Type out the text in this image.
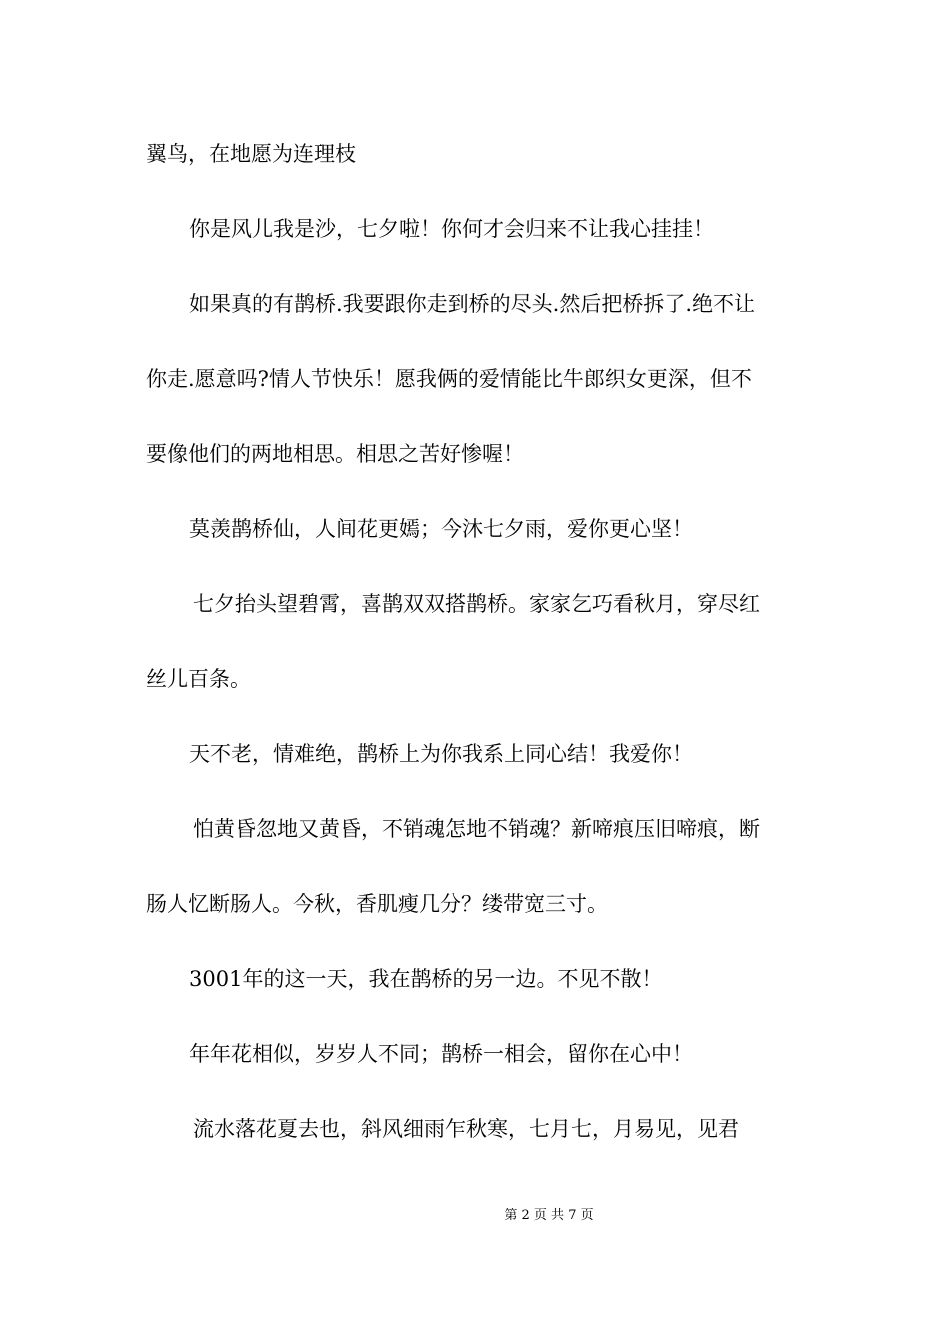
翼鸟，在地愿为连理枝
你是风儿我是沙，七夕啦！你何才会归来不让我心挂挂！
如果真的有鹊桥.我要跟你走到桥的尽头.然后把桥拆了.绝不让
你走.愿意吗?情人节快乐！愿我俩的爱情能比牛郎织女更深，但不
要像他们的两地相思。相思之苦好惨喔！
莫羡鹊桥仙，人间花更嫣；今沐七夕雨，爱你更心坚！
七夕抬头望碧霄，喜鹊双双搭鹊桥。家家乞巧看秋月，穿尽红
丝儿百条。
天不老，情难绝，鹊桥上为你我系上同心结！我爱你！
怕黄昏忽地又黄昏，不销魂怎地不销魂？新啼痕压旧啼痕，断
肠人忆断肠人。今秋，香肌瘦几分？缕带宽三寸。
3001年的这一天，我在鹊桥的另一边。不见不散！
年年花相似，岁岁人不同；鹊桥一相会，留你在心中！
流水落花夏去也，斜风细雨乍秋寒，七月七，月易见，见君
第 2 页 共 7 页
